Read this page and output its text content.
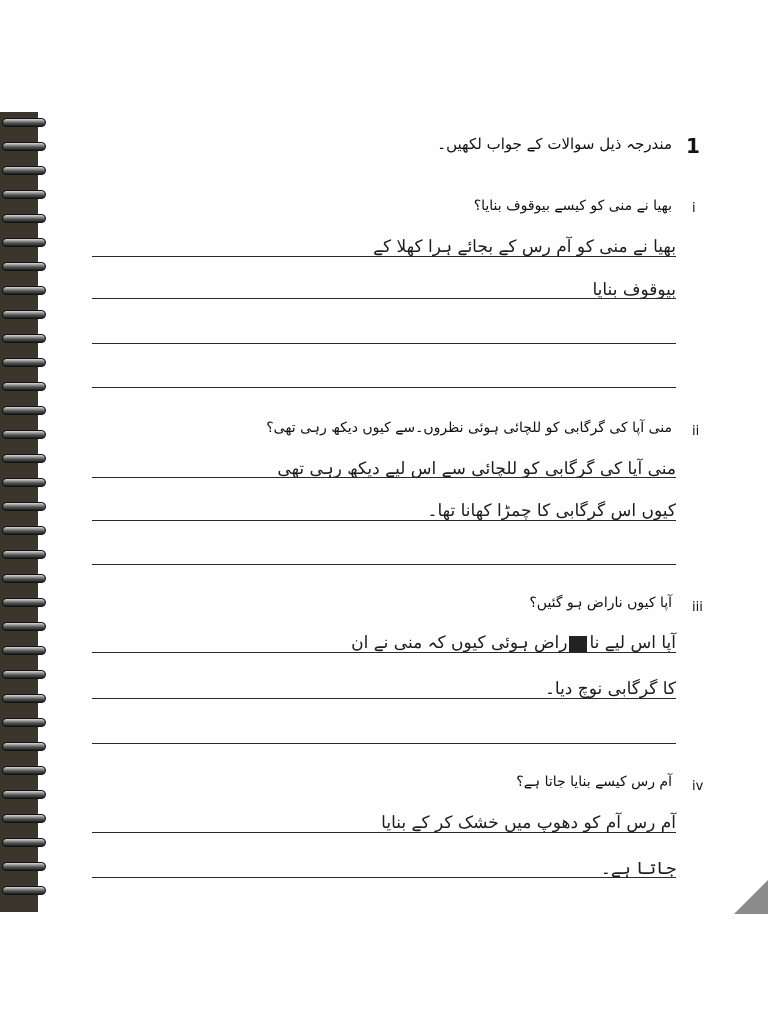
1
مندرجہ ذیل سوالات کے جواب لکھیں۔
i
بھیا نے منی کو کیسے بیوقوف بنایا؟
بھیا نے منی کو آم رس کے بجائے ہرا کھلا کے
بیوقوف بنایا
ii
منی آپا کی گرگابی کو للچائی ہوئی نظروں۔سے کیوں دیکھ رہی تھی؟
منی آپا کی گرگابی کو للچائی سے اس لیے دیکھ رہی تھی
کیوں اس گرگابی کا چمڑا کھانا تھا۔
iii
آپا کیوں ناراض ہو گئیں؟
آپا اس لیے ناراض ہوئی کیوں کہ منی نے ان
کا گرگابی نوچ دیا۔
iv
آم رس کیسے بنایا جاتا ہے؟
آم رس آم کو دھوپ میں خشک کر کے بنایا
جاتا ہے۔
